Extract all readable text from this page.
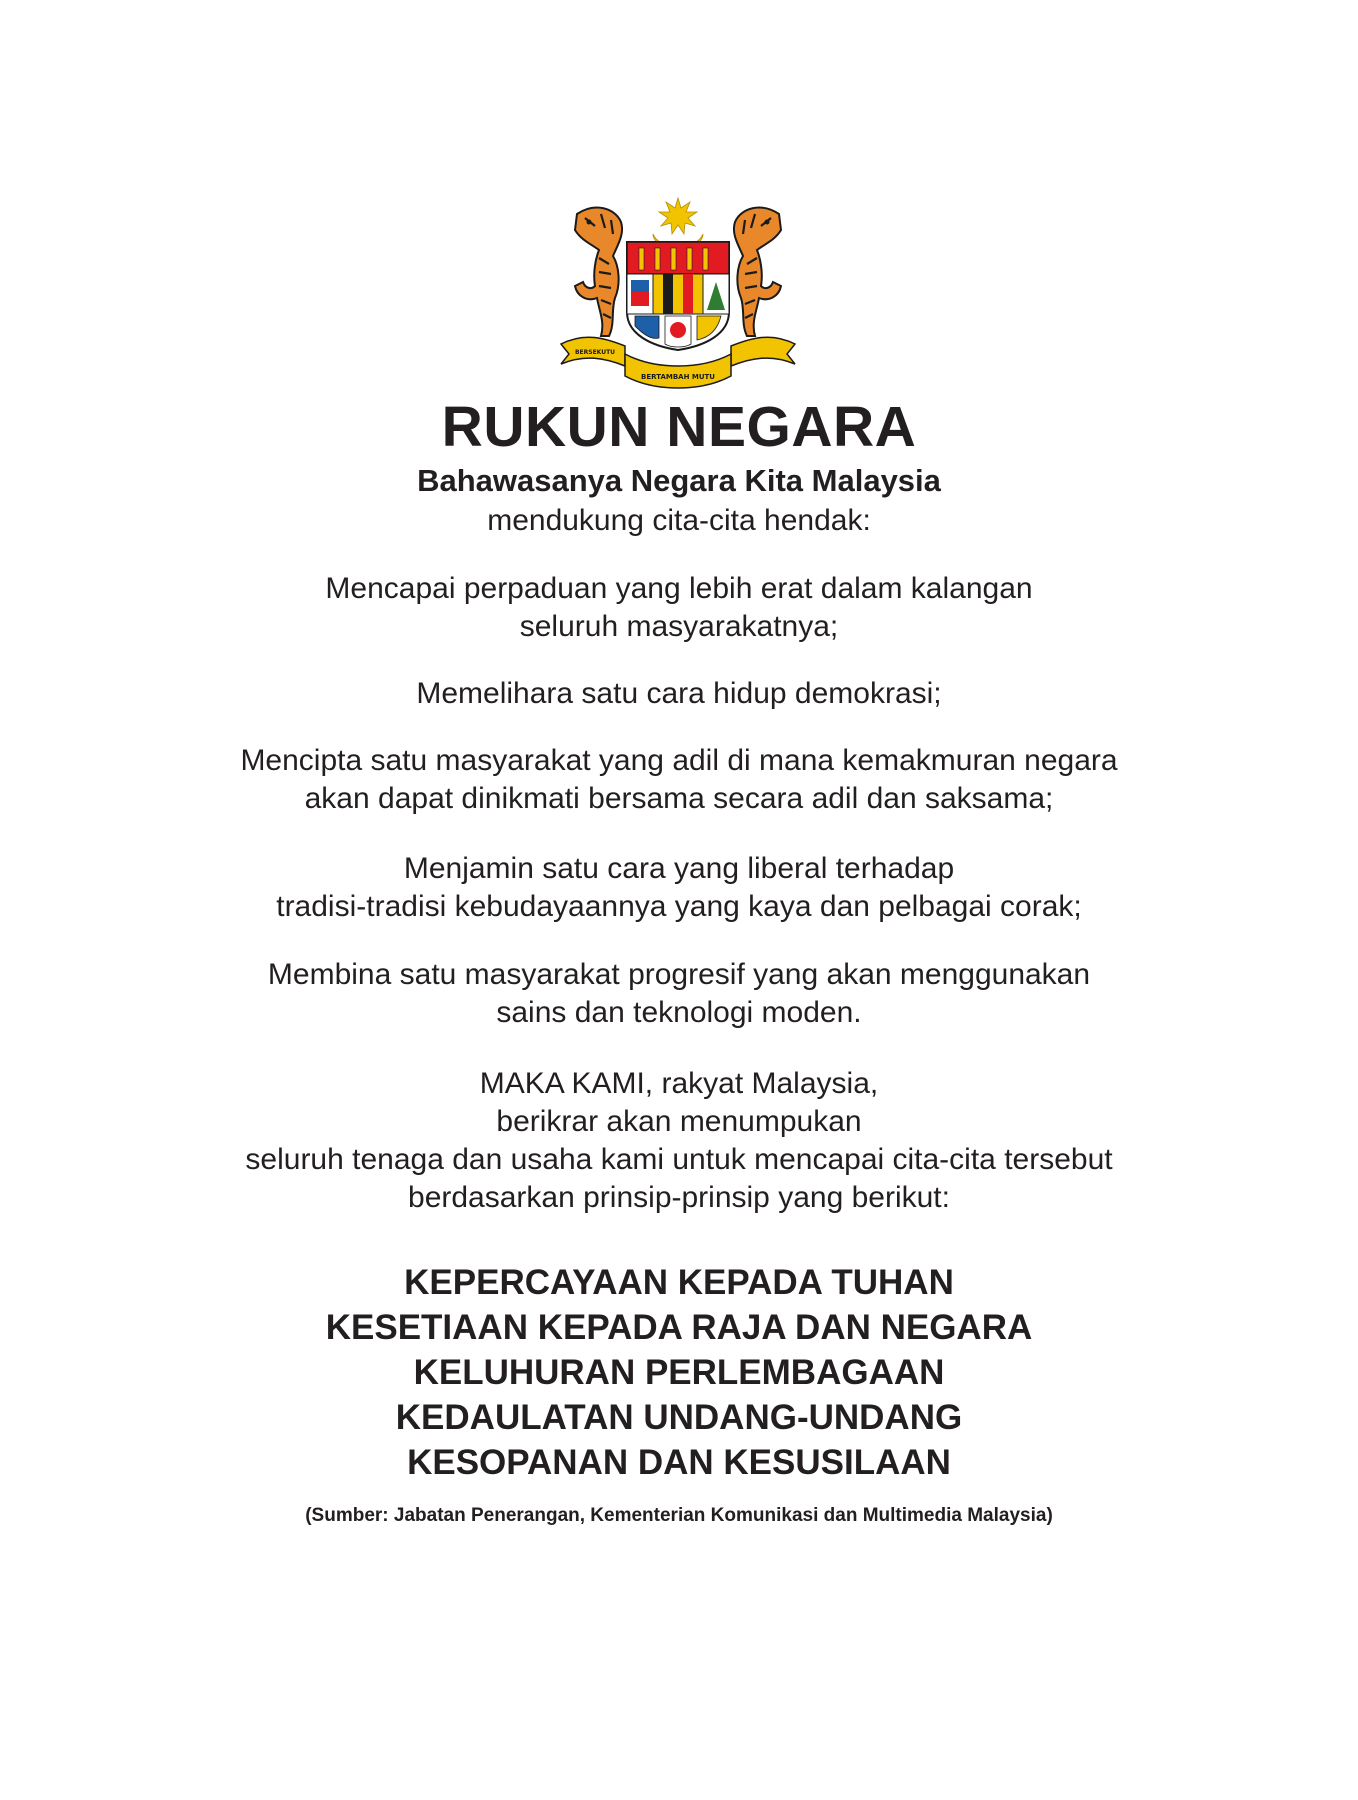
BERSEKUTU
BERTAMBAH MUTU
RUKUN NEGARA
Bahawasanya Negara Kita Malaysia
mendukung cita-cita hendak:
Mencapai perpaduan yang lebih erat dalam kalangan
seluruh masyarakatnya;
Memelihara satu cara hidup demokrasi;
Mencipta satu masyarakat yang adil di mana kemakmuran negara
akan dapat dinikmati bersama secara adil dan saksama;
Menjamin satu cara yang liberal terhadap
tradisi-tradisi kebudayaannya yang kaya dan pelbagai corak;
Membina satu masyarakat progresif yang akan menggunakan
sains dan teknologi moden.
MAKA KAMI, rakyat Malaysia,
berikrar akan menumpukan
seluruh tenaga dan usaha kami untuk mencapai cita-cita tersebut
berdasarkan prinsip-prinsip yang berikut:
KEPERCAYAAN KEPADA TUHAN
KESETIAAN KEPADA RAJA DAN NEGARA
KELUHURAN PERLEMBAGAAN
KEDAULATAN UNDANG-UNDANG
KESOPANAN DAN KESUSILAAN
(Sumber: Jabatan Penerangan, Kementerian Komunikasi dan Multimedia Malaysia)
